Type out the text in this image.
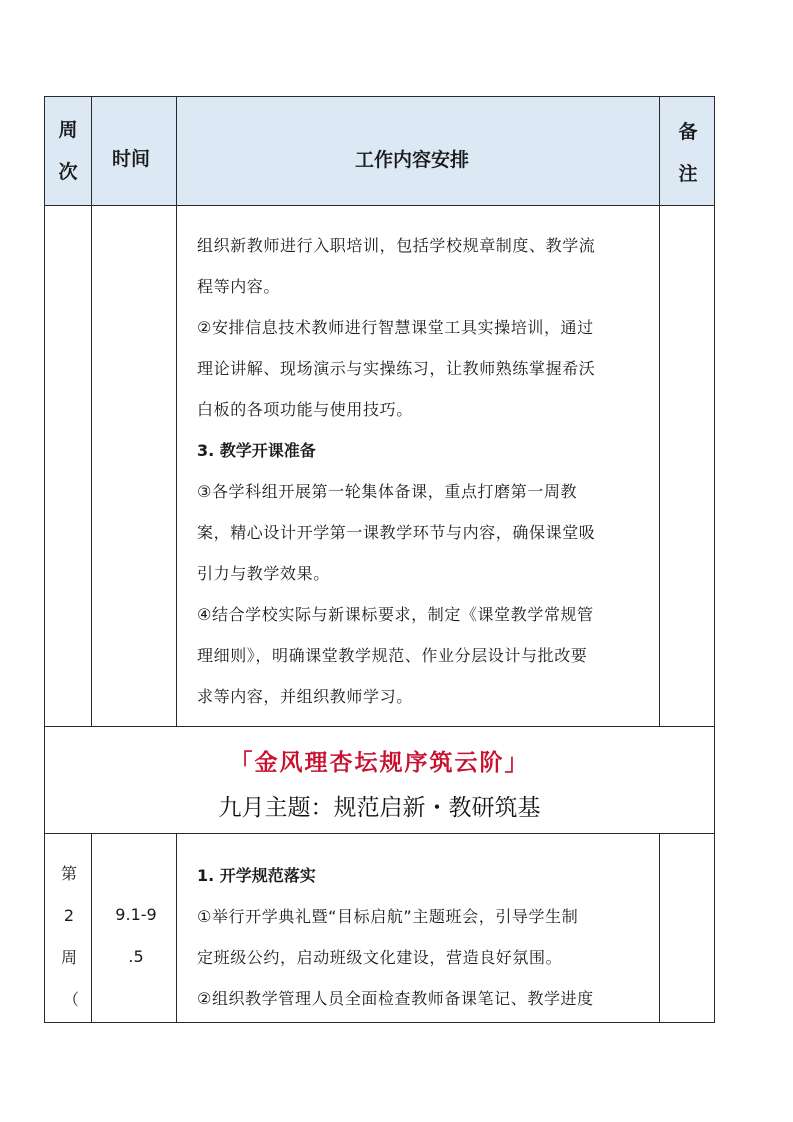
周
次
时间	工作内容安排
备
注

组织新教师进行入职培训，包括学校规章制度、教学流

程等内容。

②安排信息技术教师进行智慧课堂工具实操培训，通过

理论讲解、现场演示与实操练习，让教师熟练掌握希沃

白板的各项功能与使用技巧。

3. 教学开课准备

③各学科组开展第一轮集体备课，重点打磨第一周教

案，精心设计开学第一课教学环节与内容，确保课堂吸

引力与教学效果。

④结合学校实际与新课标要求，制定《课堂教学常规管

理细则》，明确课堂教学规范、作业分层设计与批改要

求等内容，并组织教师学习。

「金风理杏坛规序筑云阶」
九月主题：规范启新・教研筑基
第
2
周
（
9.1-9
.5

1. 开学规范落实

①举行开学典礼暨“目标启航”主题班会，引导学生制

定班级公约，启动班级文化建设，营造良好氛围。

②组织教学管理人员全面检查教师备课笔记、教学进度
